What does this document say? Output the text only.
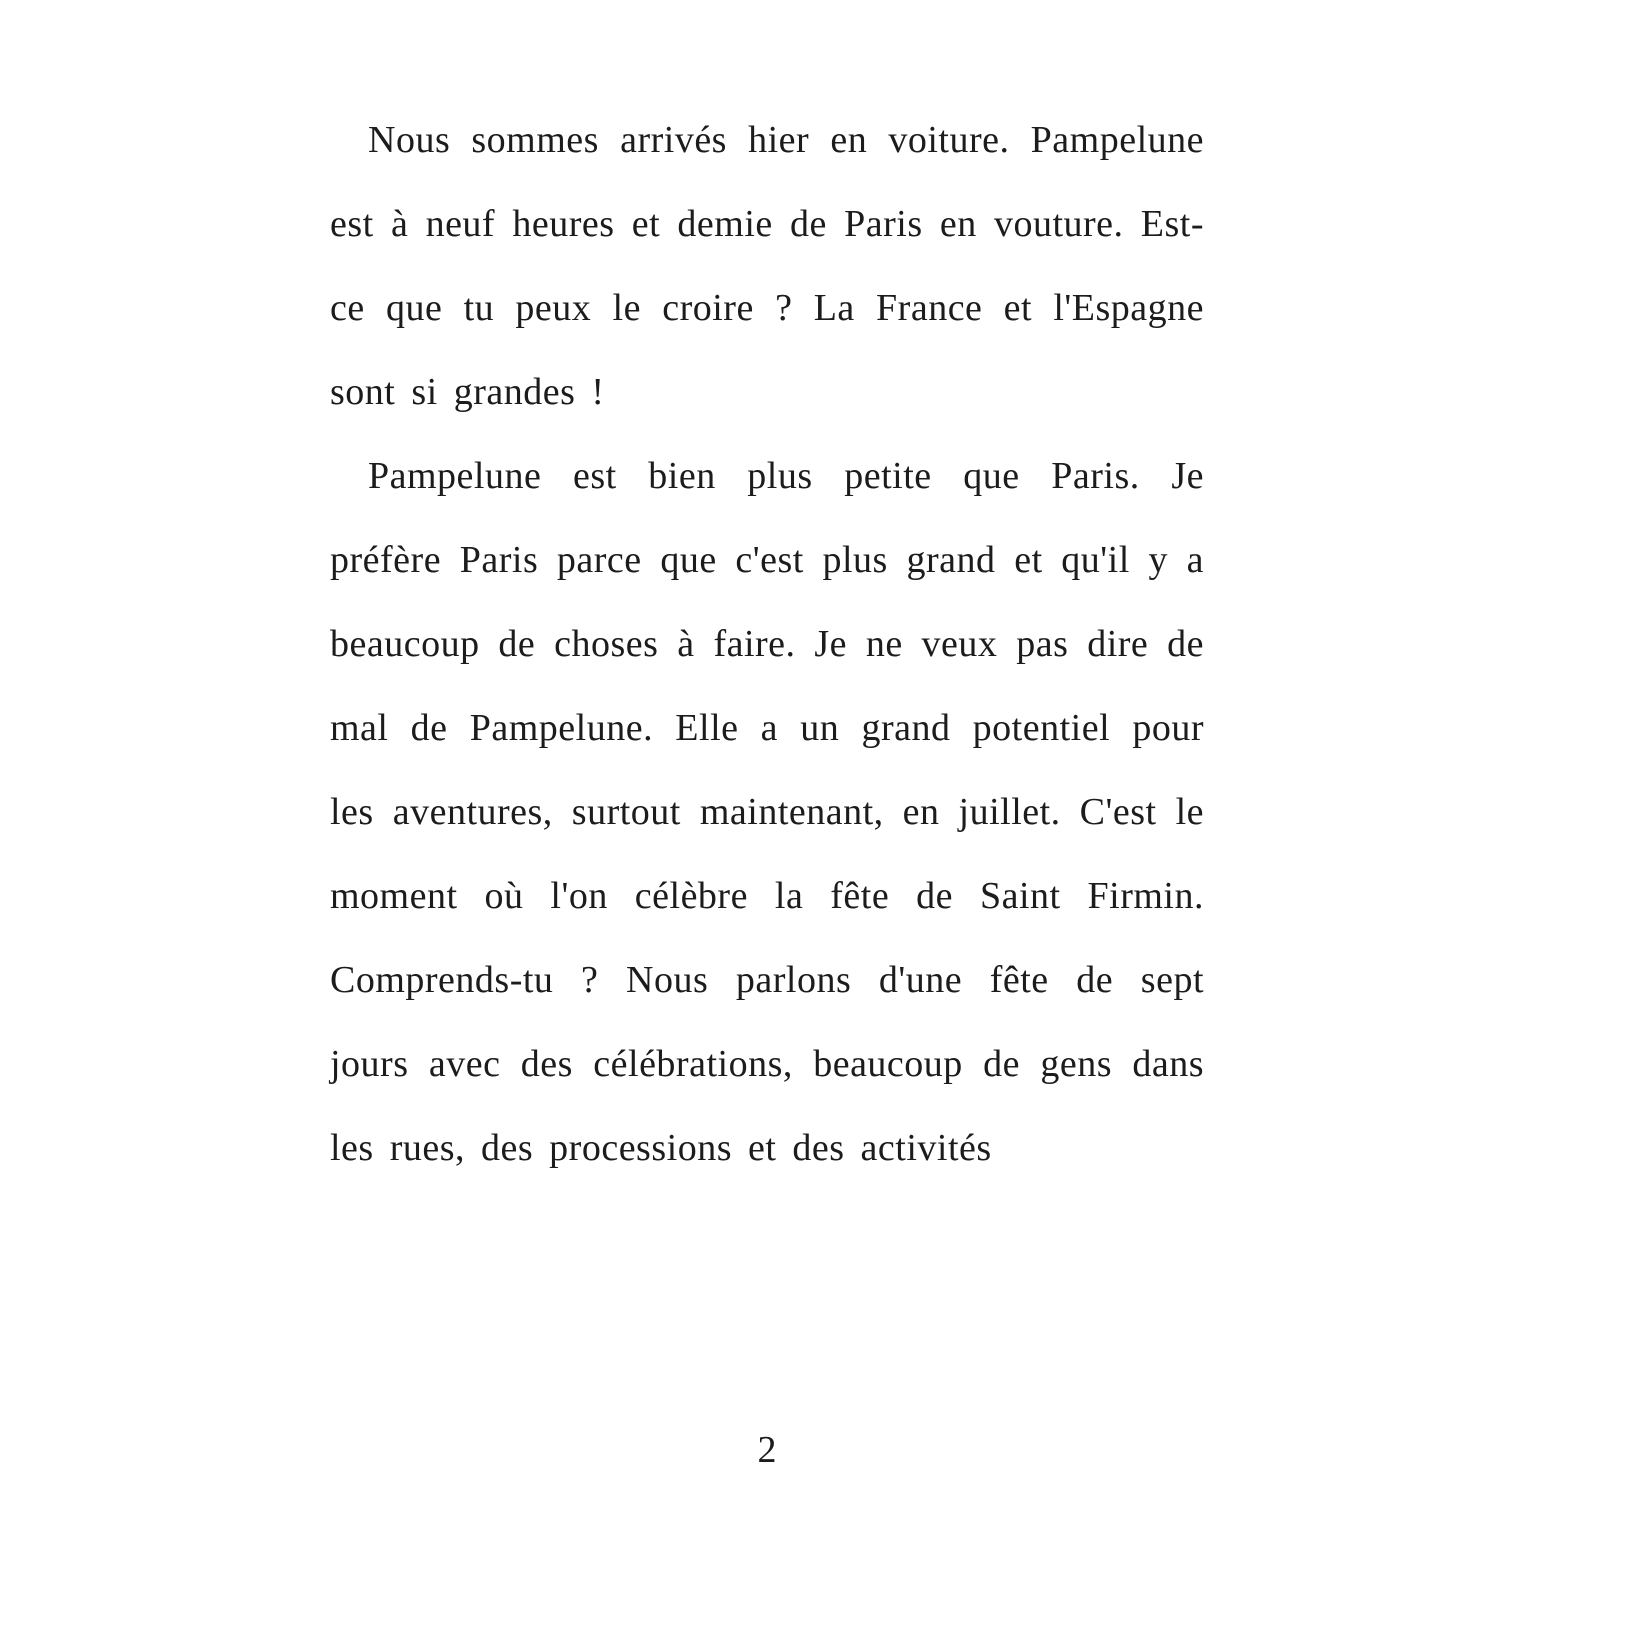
Nous sommes arrivés hier en voiture. Pampelune est à neuf heures et demie de Paris en vouture. Est-ce que tu peux le croire ? La France et l'Espagne sont si grandes !

Pampelune est bien plus petite que Paris. Je préfère Paris parce que c'est plus grand et qu'il y a beaucoup de choses à faire. Je ne veux pas dire de mal de Pampelune. Elle a un grand potentiel pour les aventures, surtout maintenant, en juillet. C'est le moment où l'on célèbre la fête de Saint Firmin. Comprends-tu ? Nous parlons d'une fête de sept jours avec des célébrations, beaucoup de gens dans les rues, des processions et des activités

2
